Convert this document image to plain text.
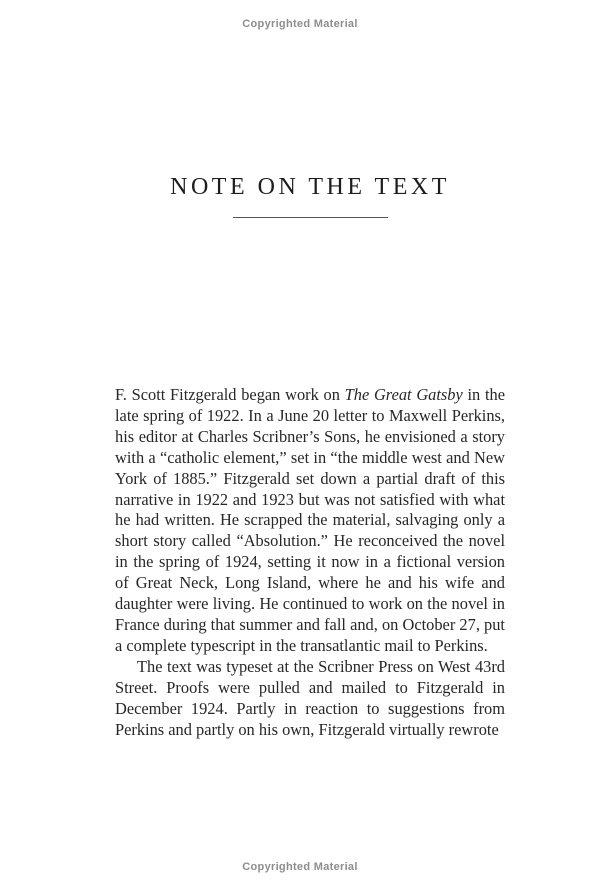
Copyrighted Material
NOTE ON THE TEXT

F. Scott Fitzgerald began work on The Great Gatsby in the late spring of 1922. In a June 20 letter to Maxwell Perkins, his editor at Charles Scribner’s Sons, he envisioned a story with a “catholic element,” set in “the middle west and New York of 1885.” Fitzgerald set down a partial draft of this narrative in 1922 and 1923 but was not satisfied with what he had written. He scrapped the material, salvaging only a short story called “Absolution.” He reconceived the novel in the spring of 1924, setting it now in a fictional version of Great Neck, Long Island, where he and his wife and daughter were living. He continued to work on the novel in France during that summer and fall and, on October 27, put a complete typescript in the transatlantic mail to Perkins.

The text was typeset at the Scribner Press on West 43rd Street. Proofs were pulled and mailed to Fitzgerald in December 1924. Partly in reaction to suggestions from Perkins and partly on his own, Fitzgerald virtually rewrote

Copyrighted Material
